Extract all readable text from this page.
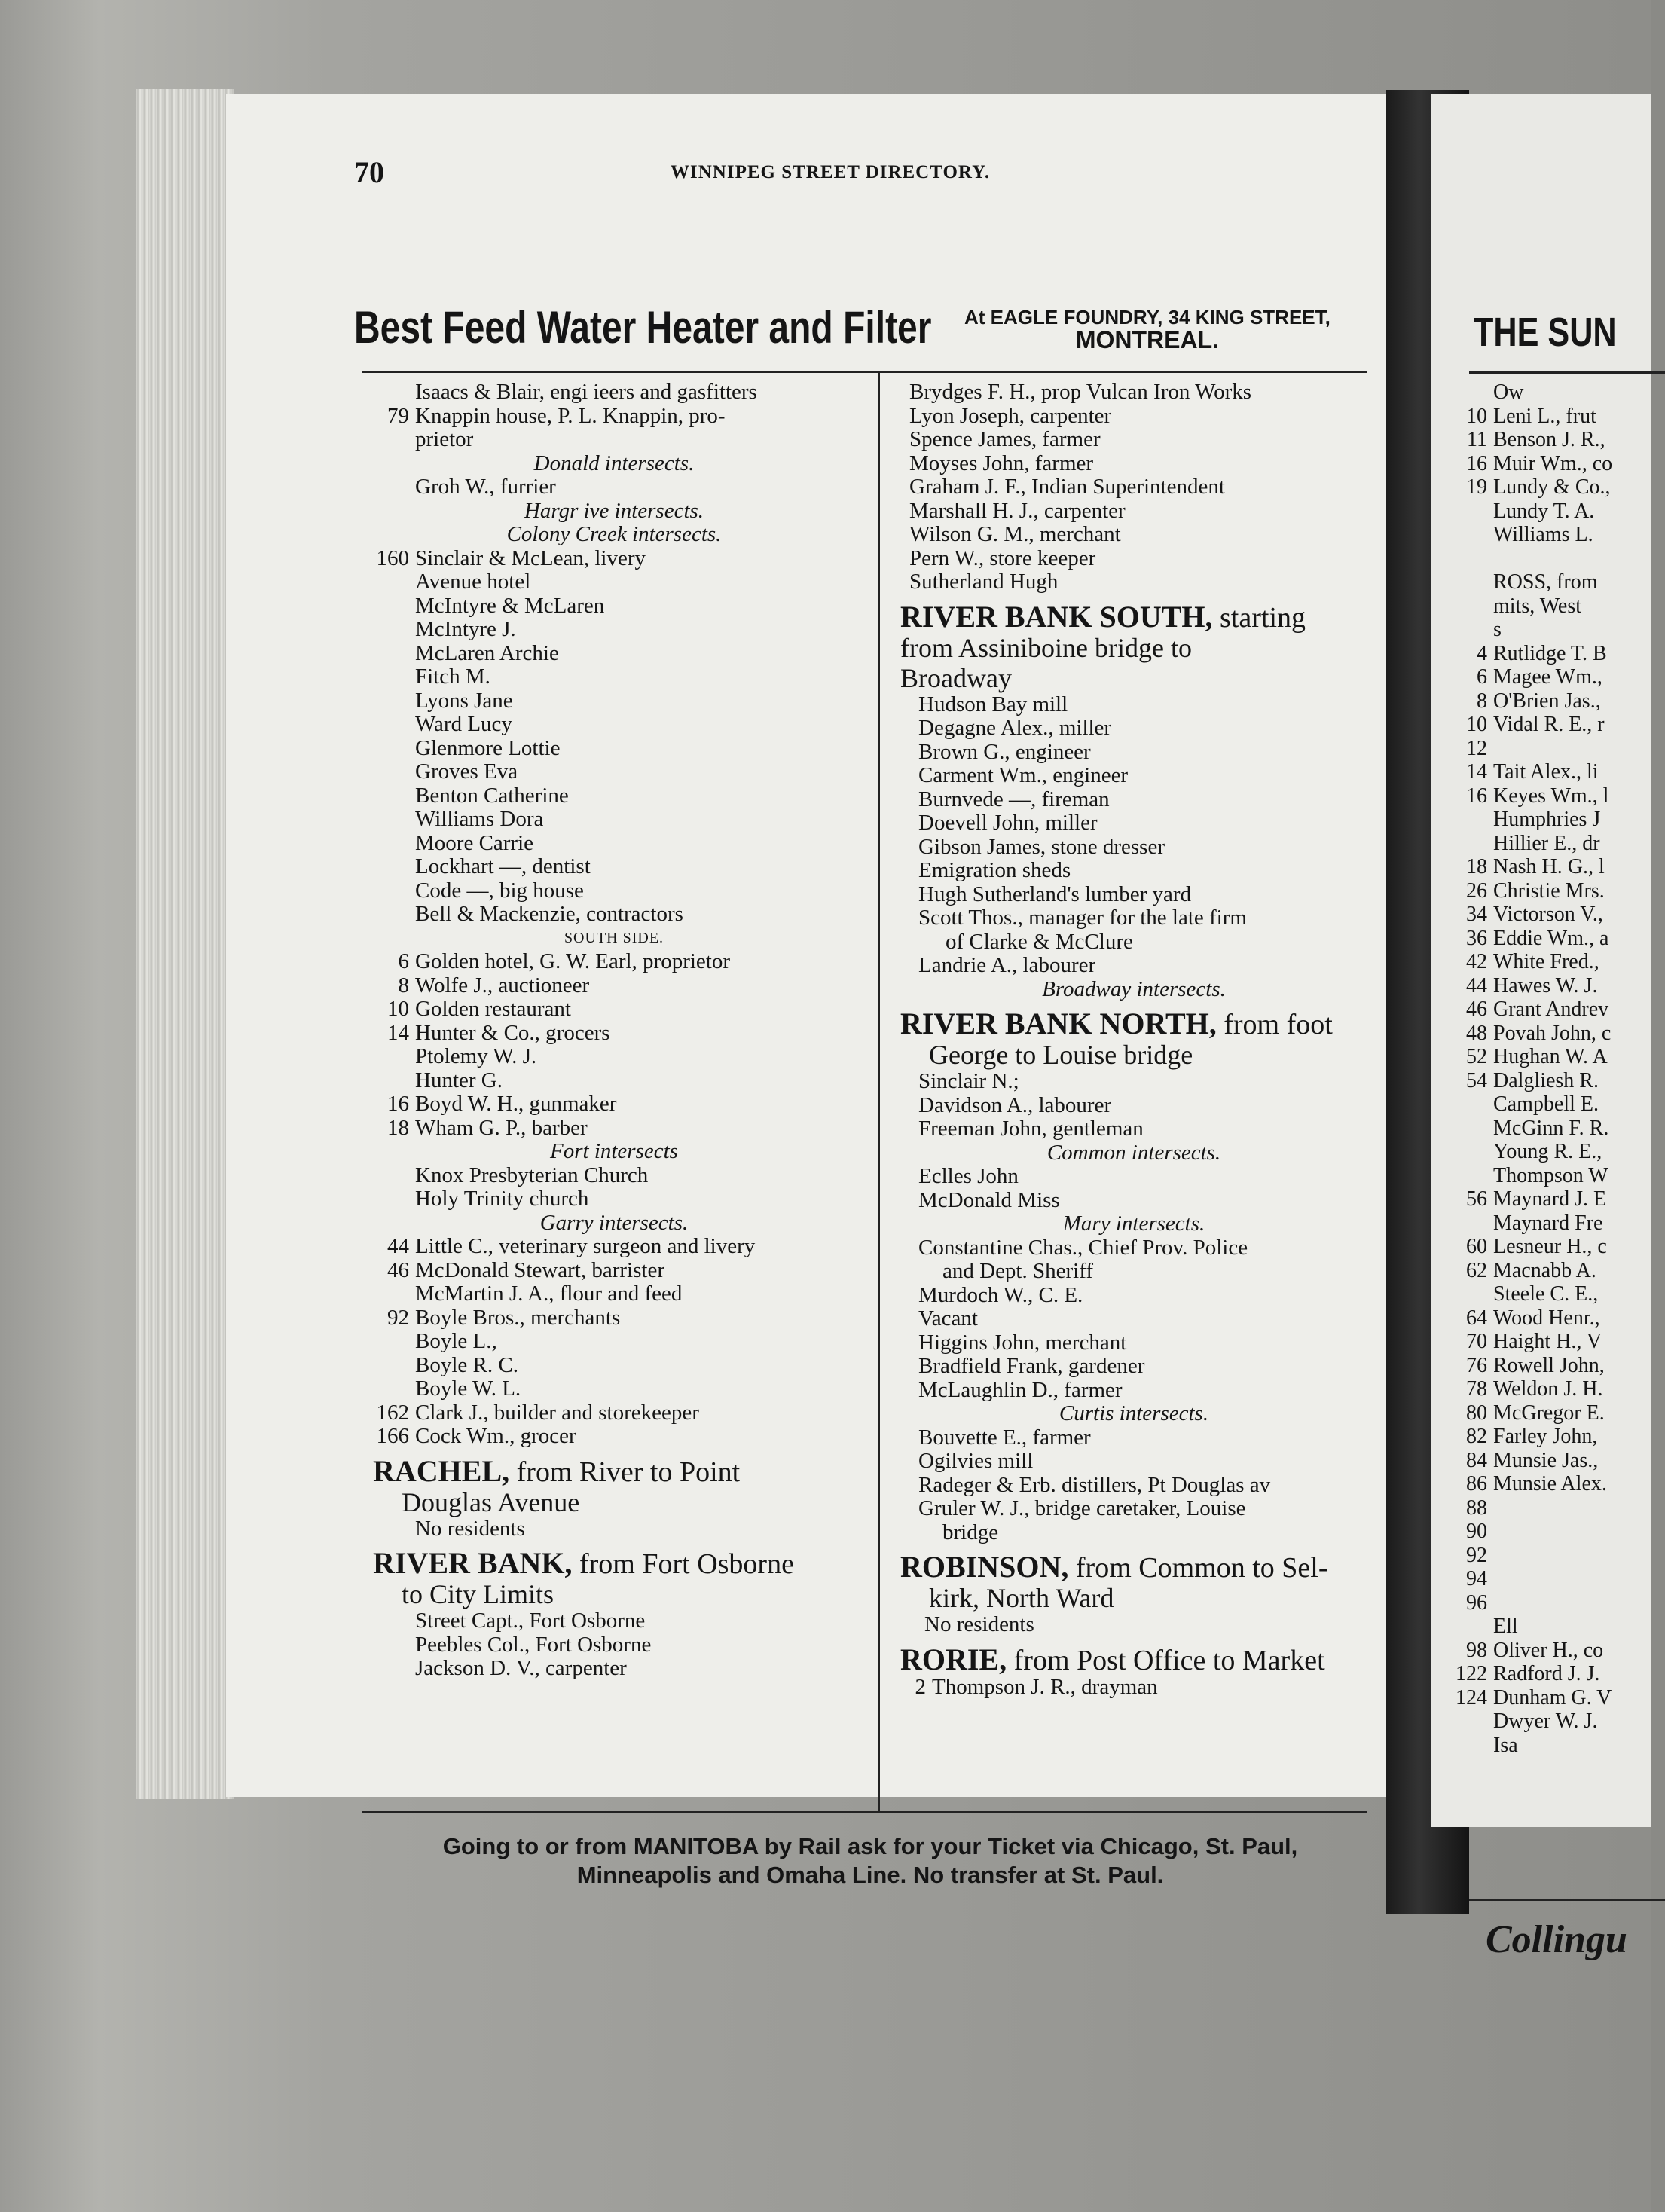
THE SUN
Ow
10 Leni L., frut
11 Benson J. R.,
16 Muir Wm., co
19 Lundy & Co.,
Lundy T. A.
Williams L.

ROSS, from
mits, West
s
4 Rutlidge T. B
6 Magee Wm.,
8 O'Brien Jas.,
10 Vidal R. E., r
12
14 Tait Alex., li
16 Keyes Wm., l
Humphries J
Hillier E., dr
18 Nash H. G., l
26 Christie Mrs.
34 Victorson V.,
36 Eddie Wm., a
42 White Fred.,
44 Hawes W. J.
46 Grant Andrev
48 Povah John, c
52 Hughan W. A
54 Dalgliesh R.
Campbell E.
McGinn F. R.
Young R. E.,
Thompson W
56 Maynard J. E
Maynard Fre
60 Lesneur H., c
62 Macnabb A.
Steele C. E.,
64 Wood Henr.,
70 Haight H., V
76 Rowell John,
78 Weldon J. H.
80 McGregor E.
82 Farley John,
84 Munsie Jas.,
86 Munsie Alex.
88
90
92
94
96
Ell
98 Oliver H., co
122 Radford J. J.
124 Dunham G. V
Dwyer W. J.
Isa
Collingu
70	WINNIPEG STREET DIRECTORY.
Best Feed Water Heater and Filter At EAGLE FOUNDRY, 34 KING STREET,
MONTREAL.
Isaacs & Blair, engi ieers and gasfitters
79 Knappin house, P. L. Knappin, pro-
prietor
Donald intersects.
Groh W., furrier
Hargr ive intersects.
Colony Creek intersects.
160 Sinclair & McLean, livery
Avenue hotel
McIntyre & McLaren
McIntyre J.
McLaren Archie
Fitch M.
Lyons Jane
Ward Lucy
Glenmore Lottie
Groves Eva
Benton Catherine
Williams Dora
Moore Carrie
Lockhart —, dentist
Code —, big house
Bell & Mackenzie, contractors
SOUTH SIDE.
6 Golden hotel, G. W. Earl, proprietor
8 Wolfe J., auctioneer
10 Golden restaurant
14 Hunter & Co., grocers
Ptolemy W. J.
Hunter G.
16 Boyd W. H., gunmaker
18 Wham G. P., barber
Fort intersects
Knox Presbyterian Church
Holy Trinity church
Garry intersects.
44 Little C., veterinary surgeon and livery
46 McDonald Stewart, barrister
McMartin J. A., flour and feed
92 Boyle Bros., merchants
Boyle L.,
Boyle R. C.
Boyle W. L.
162 Clark J., builder and storekeeper
166 Cock Wm., grocer
RACHEL, from River to Point
Douglas Avenue
No residents
RIVER BANK, from Fort Osborne
to City Limits
Street Capt., Fort Osborne
Peebles Col., Fort Osborne
Jackson D. V., carpenter
Brydges F. H., prop Vulcan Iron Works
Lyon Joseph, carpenter
Spence James, farmer
Moyses John, farmer
Graham J. F., Indian Superintendent
Marshall H. J., carpenter
Wilson G. M., merchant
Pern W., store keeper
Sutherland Hugh
RIVER BANK SOUTH, starting
from Assiniboine bridge to
Broadway
Hudson Bay mill
Degagne Alex., miller
Brown G., engineer
Carment Wm., engineer
Burnvede —, fireman
Doevell John, miller
Gibson James, stone dresser
Emigration sheds
Hugh Sutherland's lumber yard
Scott Thos., manager for the late firm
of Clarke & McClure
Landrie A., labourer
Broadway intersects.
RIVER BANK NORTH, from foot
George to Louise bridge
Sinclair N.;
Davidson A., labourer
Freeman John, gentleman
Common intersects.
Eclles John
McDonald Miss
Mary intersects.
Constantine Chas., Chief Prov. Police
and Dept. Sheriff
Murdoch W., C. E.
Vacant
Higgins John, merchant
Bradfield Frank, gardener
McLaughlin D., farmer
Curtis intersects.
Bouvette E., farmer
Ogilvies mill
Radeger & Erb. distillers, Pt Douglas av
Gruler W. J., bridge caretaker, Louise
bridge
ROBINSON, from Common to Sel-
kirk, North Ward
No residents
RORIE, from Post Office to Market
2 Thompson J. R., drayman
Going to or from MANITOBA by Rail ask for your Ticket via Chicago, St. Paul,
Minneapolis and Omaha Line. No transfer at St. Paul.
